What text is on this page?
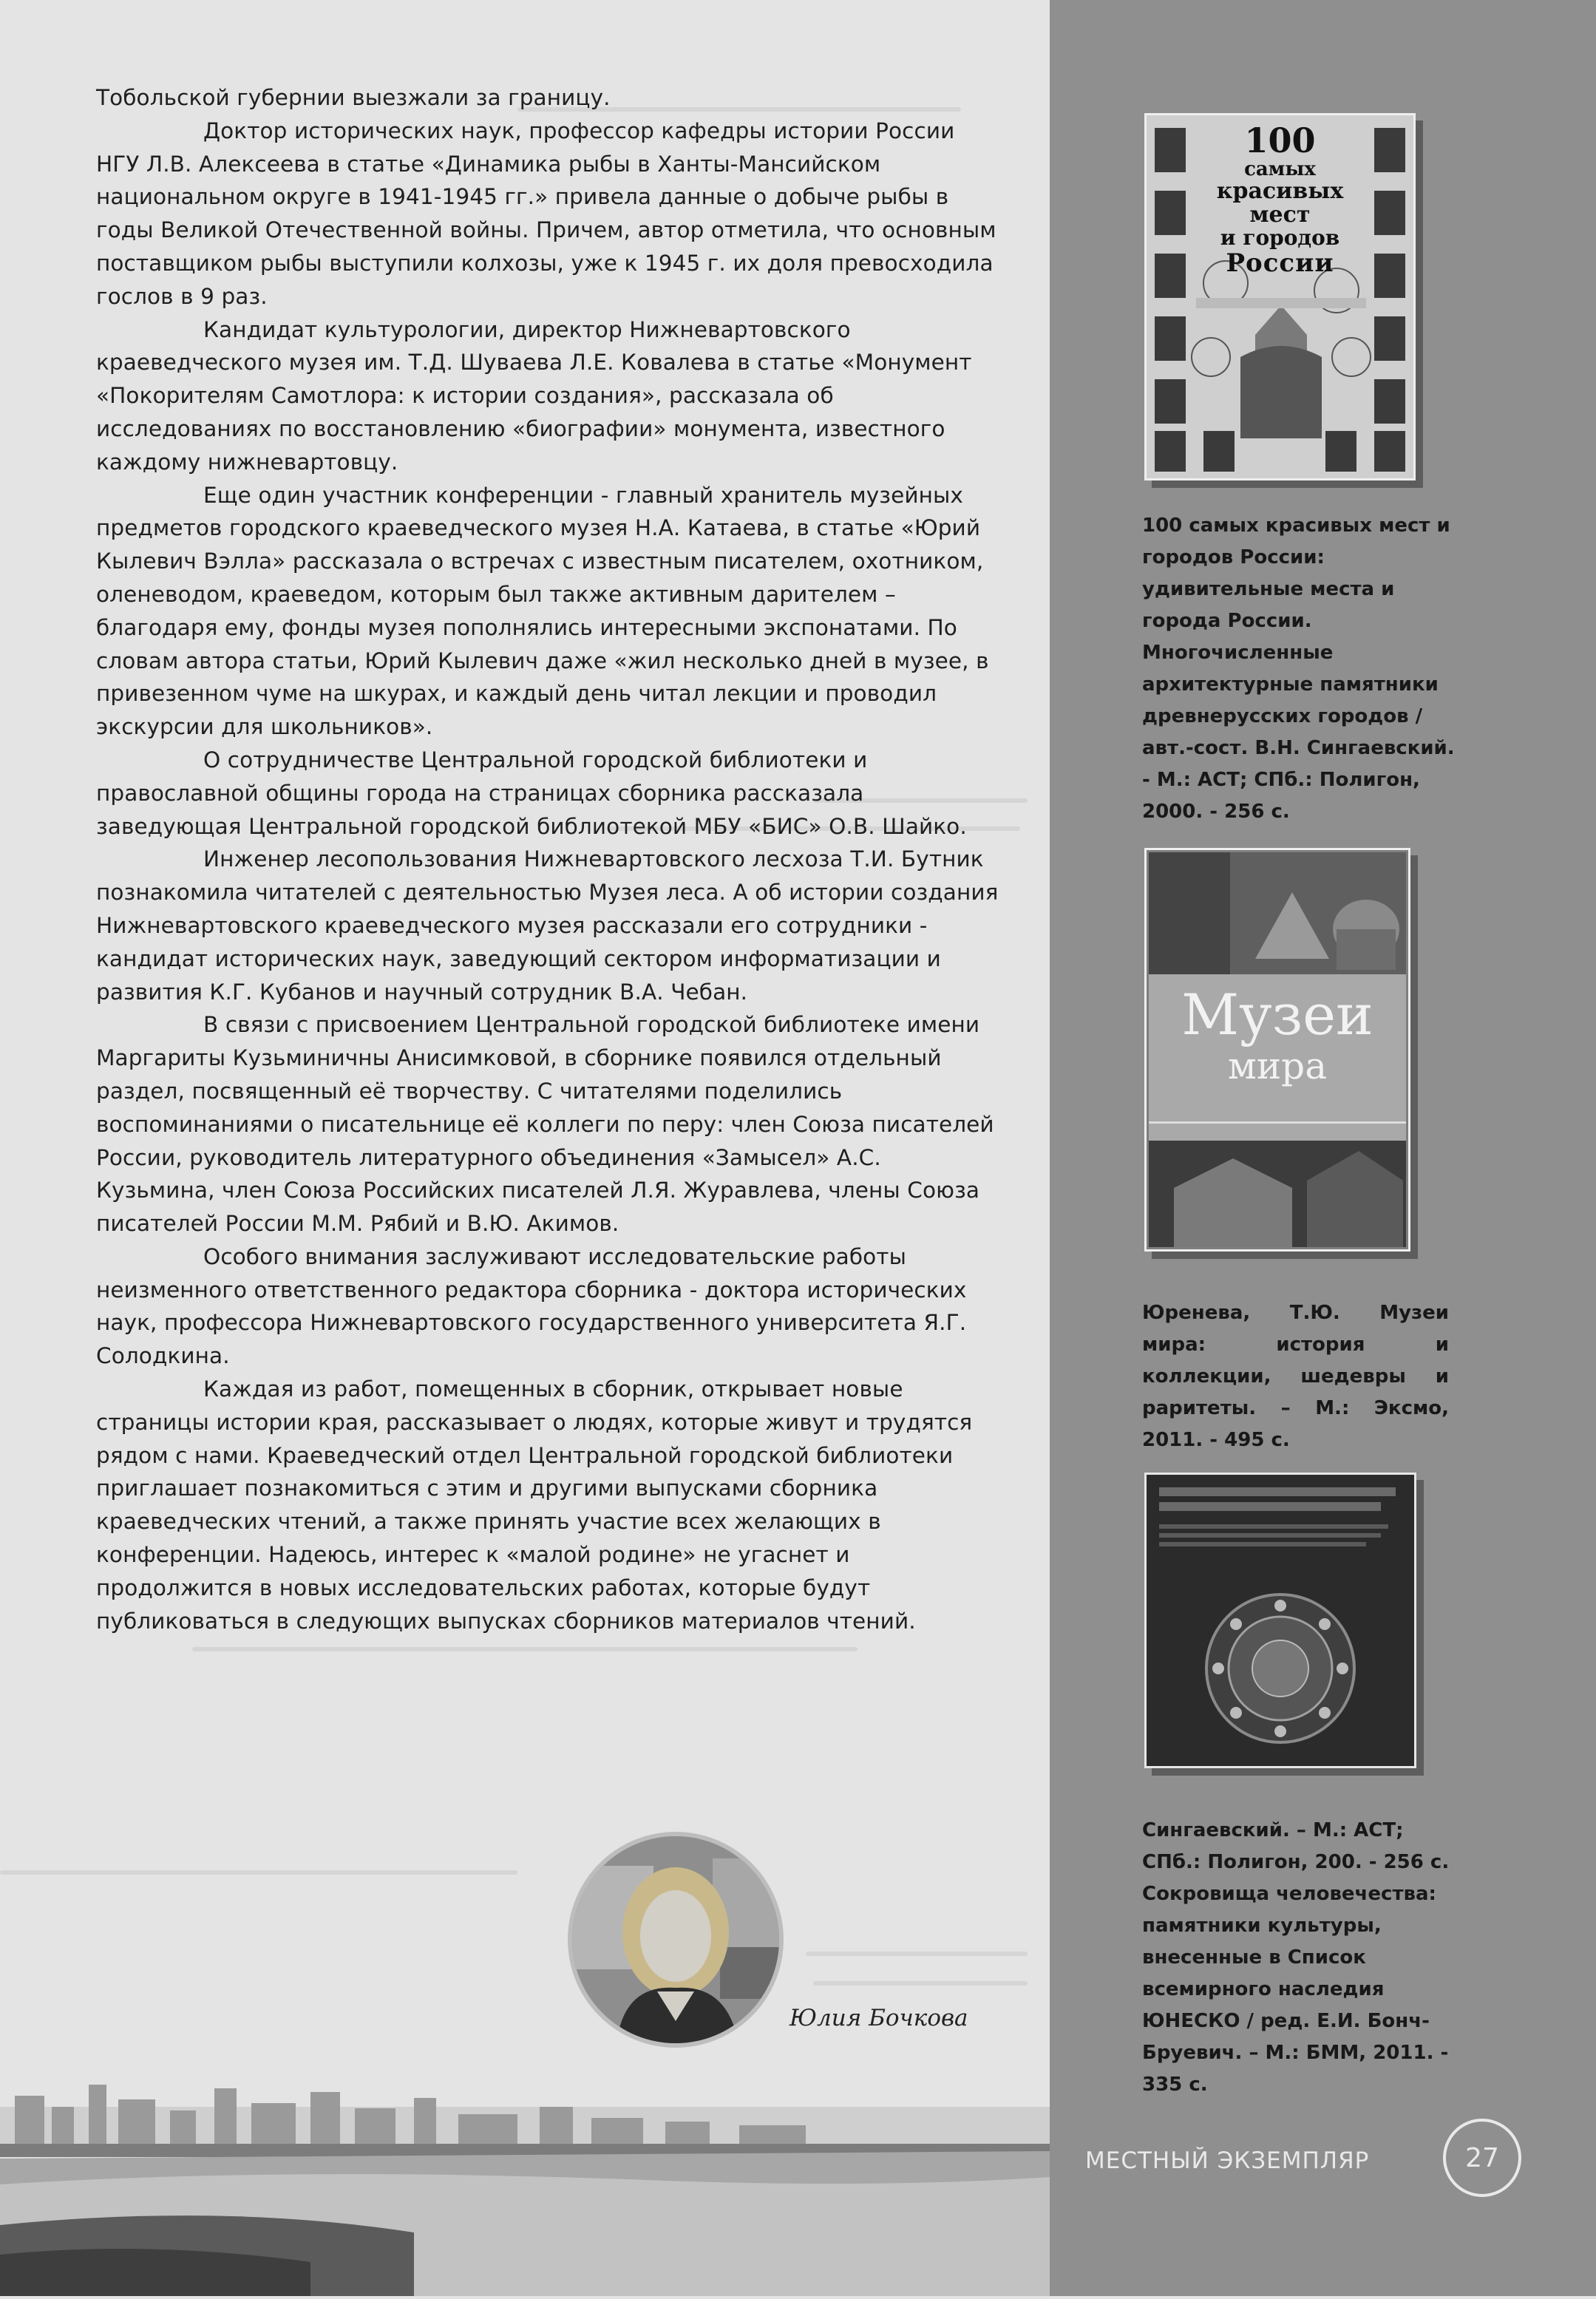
Тобольской губернии выезжали за границу.

Доктор исторических наук, профессор кафедры истории России НГУ Л.В. Алексеева в статье «Динамика рыбы в Ханты-Мансийском национальном округе в 1941-1945 гг.» привела данные о добыче рыбы в годы Великой Отечественной войны. Причем, автор отметила, что основным поставщиком рыбы выступили колхозы, уже к 1945 г. их доля превосходила гослов в 9 раз.

Кандидат культурологии, директор Нижневартовского краеведческого музея им. Т.Д. Шуваева Л.Е. Ковалева в статье «Монумент «Покорителям Самотлора: к истории создания», рассказала об исследованиях по восстановлению «биографии» монумента, известного каждому нижневартовцу.

Еще один участник конференции - главный хранитель музейных предметов городского краеведческого музея Н.А. Катаева, в статье «Юрий Кылевич Вэлла» рассказала о встречах с известным писателем, охотником, оленеводом, краеведом, которым был также активным дарителем – благодаря ему, фонды музея пополнялись интересными экспонатами. По словам автора статьи, Юрий Кылевич даже «жил несколько дней в музее, в привезенном чуме на шкурах, и каждый день читал лекции и проводил экскурсии для школьников».

О сотрудничестве Центральной городской библиотеки и православной общины города на страницах сборника рассказала заведующая Центральной городской библиотекой МБУ «БИС» О.В. Шайко.

Инженер лесопользования Нижневартовского лесхоза Т.И. Бутник познакомила читателей с деятельностью Музея леса. А об истории создания Нижневартовского краеведческого музея рассказали его сотрудники - кандидат исторических наук, заведующий сектором информатизации и развития К.Г. Кубанов и научный сотрудник В.А. Чебан.

В связи с присвоением Центральной городской библиотеке имени Маргариты Кузьминичны Анисимковой, в сборнике появился отдельный раздел, посвященный её творчеству. С читателями поделились воспоминаниями о писательнице её коллеги по перу: член Союза писателей России, руководитель литературного объединения «Замысел» А.С. Кузьмина, член Союза Российских писателей Л.Я. Журавлева, члены Союза писателей России М.М. Рябий и В.Ю. Акимов.

Особого внимания заслуживают исследовательские работы неизменного ответственного редактора сборника - доктора исторических наук, профессора Нижневартовского государственного университета Я.Г. Солодкина.

Каждая из работ, помещенных в сборник, открывает новые страницы истории края, рассказывает о людях, которые живут и трудятся рядом с нами. Краеведческий отдел Центральной городской библиотеки приглашает познакомиться с этим и другими выпусками сборника краеведческих чтений, а также принять участие всех желающих в конференции. Надеюсь, интерес к «малой родине» не угаснет и продолжится в новых исследовательских работах, которые будут публиковаться в следующих выпусках сборников материалов чтений.

Юлия Бочкова
100
самых
красивых
мест
и городов
России
100 самых красивых мест и городов России: удивительные места и города России. Многочисленные архитектурные памятники древнерусских городов / авт.-сост. В.Н. Сингаевский. - М.: АСТ; СПб.: Полигон, 2000. - 256 с.
Музеи
мира
Юренева, Т.Ю. Музеи мира: история и коллекции, шедевры и раритеты. – М.: Эксмо, 2011. - 495 с.
Сингаевский. – М.: АСТ; СПб.: Полигон, 200. - 256 с. Сокровища человечества: памятники культуры, внесенные в Список всемирного наследия ЮНЕСКО / ред. Е.И. Бонч-Бруевич. – М.: БММ, 2011. - 335 с.
МЕСТНЫЙ ЭКЗЕМПЛЯР	27
